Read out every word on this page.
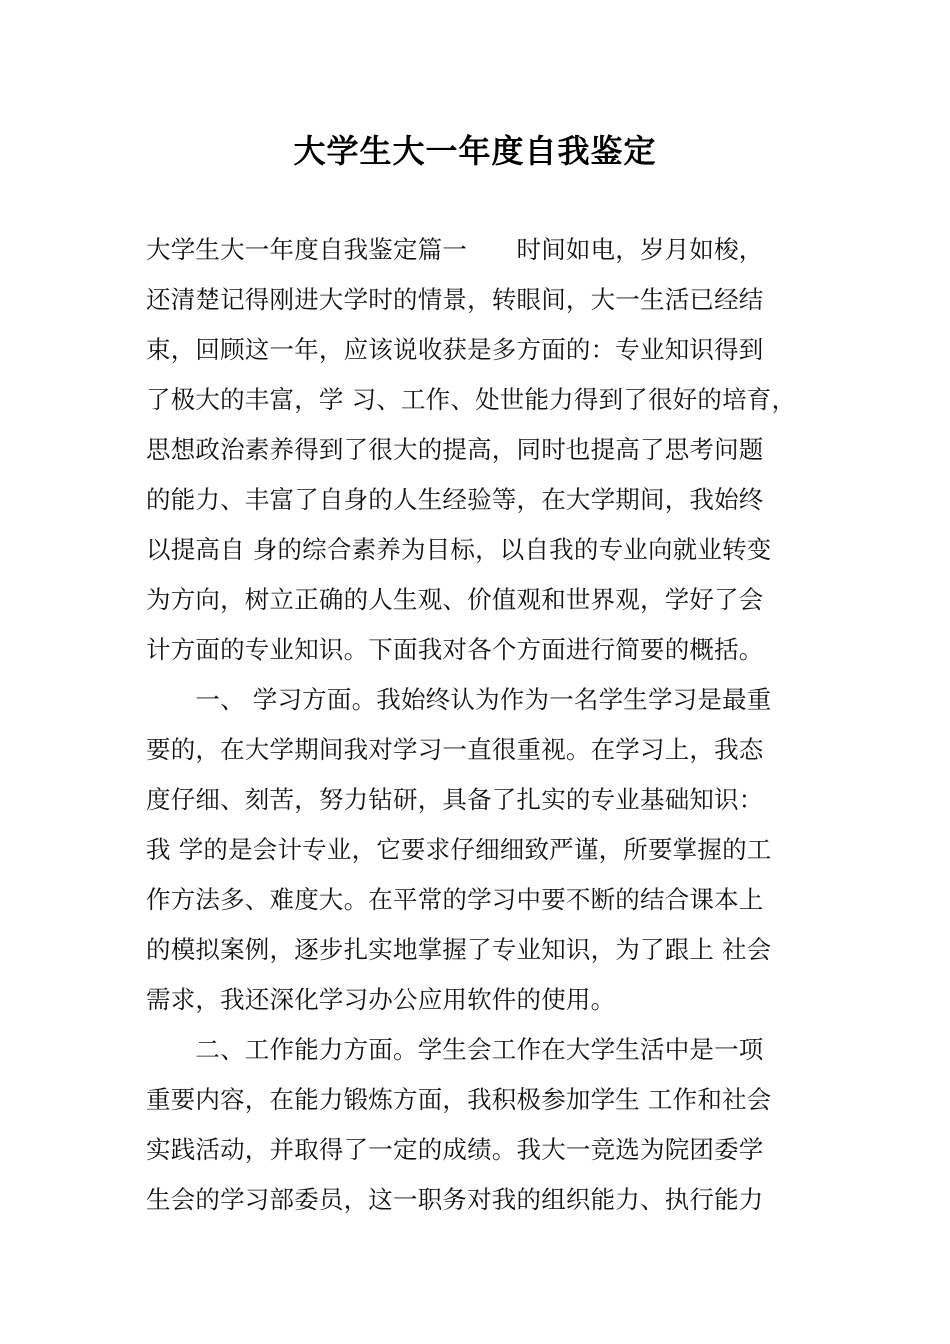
大学生大一年度自我鉴定
大学生大一年度自我鉴定篇一　　时间如电，岁月如梭，
还清楚记得刚进大学时的情景，转眼间，大一生活已经结
束，回顾这一年，应该说收获是多方面的：专业知识得到
了极大的丰富，学 习、工作、处世能力得到了很好的培育，
思想政治素养得到了很大的提高，同时也提高了思考问题
的能力、丰富了自身的人生经验等，在大学期间，我始终
以提高自 身的综合素养为目标，以自我的专业向就业转变
为方向，树立正确的人生观、价值观和世界观，学好了会
计方面的专业知识。下面我对各个方面进行简要的概括。
　　一、 学习方面。我始终认为作为一名学生学习是最重
要的，在大学期间我对学习一直很重视。在学习上，我态
度仔细、刻苦，努力钻研，具备了扎实的专业基础知识：
我 学的是会计专业，它要求仔细细致严谨，所要掌握的工
作方法多、难度大。在平常的学习中要不断的结合课本上
的模拟案例，逐步扎实地掌握了专业知识，为了跟上 社会
需求，我还深化学习办公应用软件的使用。
　　二、工作能力方面。学生会工作在大学生活中是一项
重要内容，在能力锻炼方面，我积极参加学生 工作和社会
实践活动，并取得了一定的成绩。我大一竞选为院团委学
生会的学习部委员，这一职务对我的组织能力、执行能力
